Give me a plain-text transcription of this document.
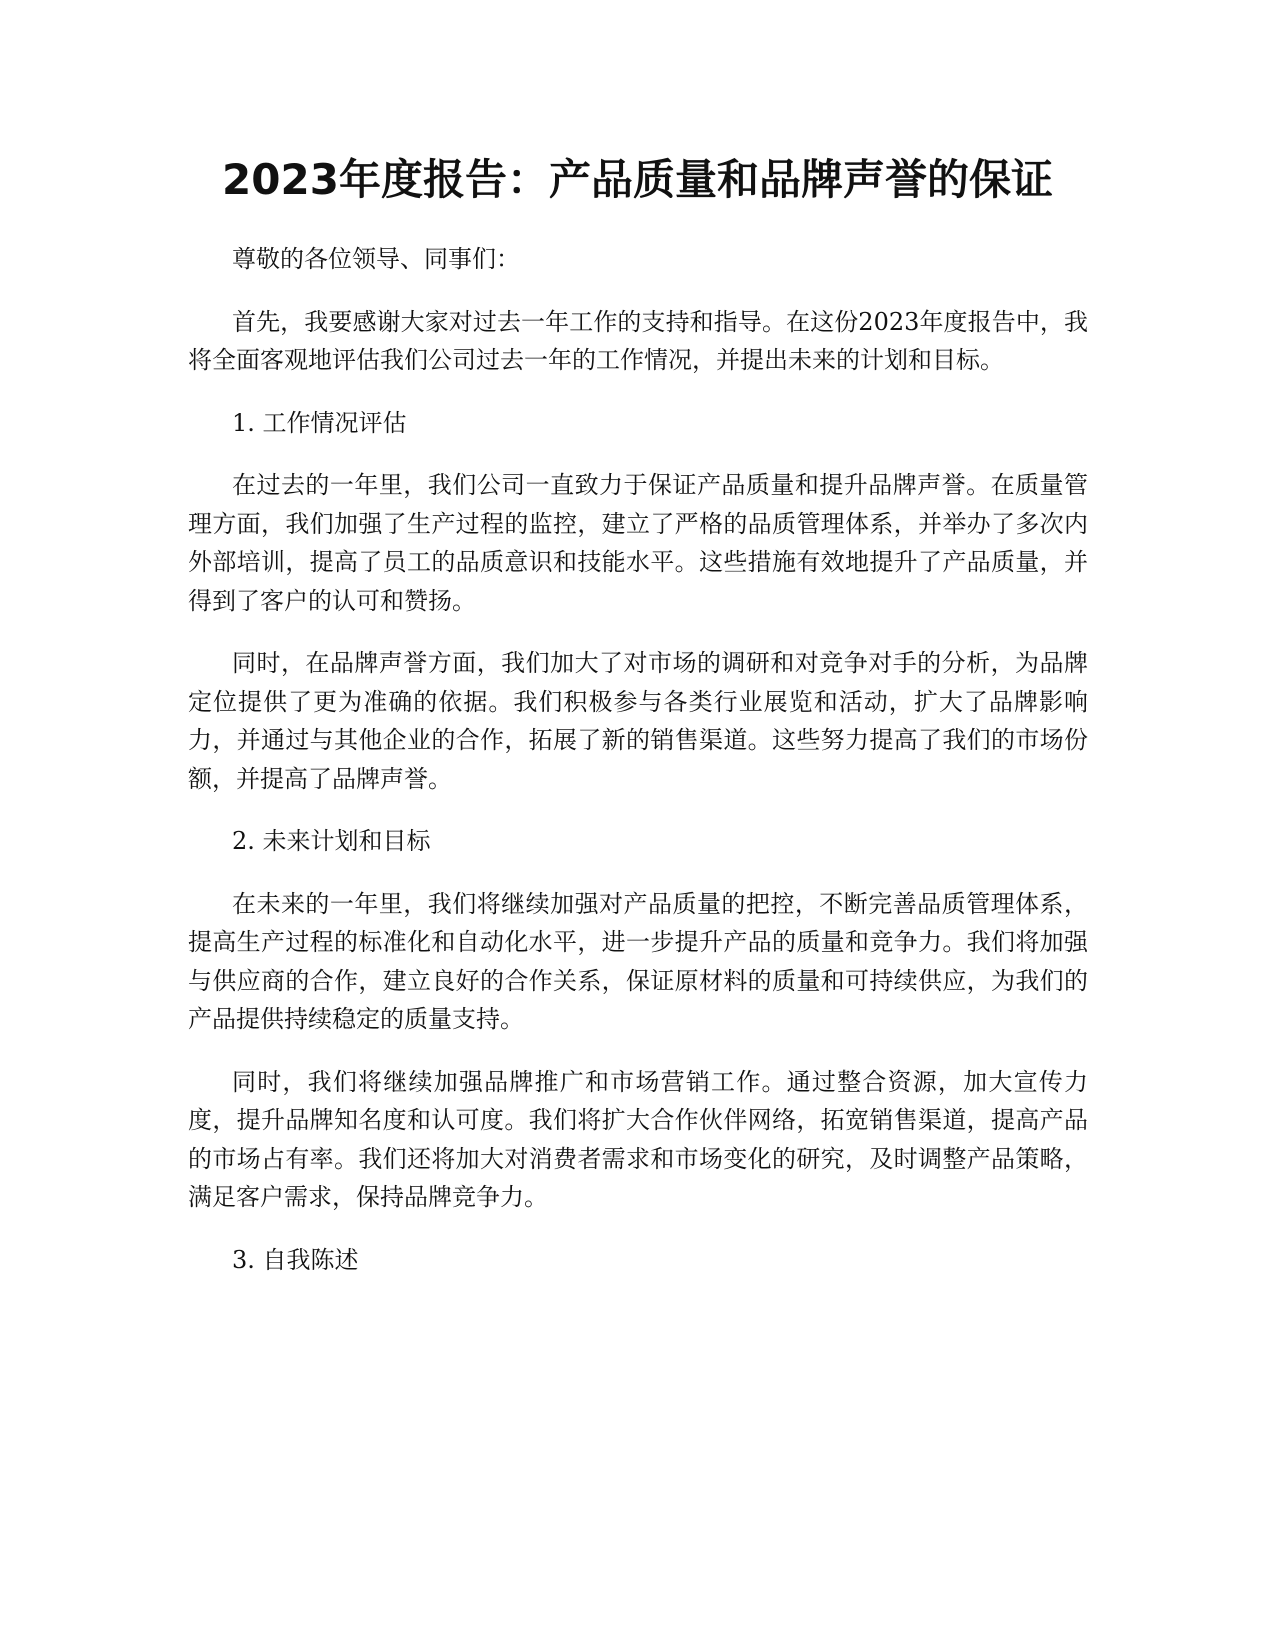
2023年度报告：产品质量和品牌声誉的保证

尊敬的各位领导、同事们：

首先，我要感谢大家对过去一年工作的支持和指导。在这份2023年度报告中，我将全面客观地评估我们公司过去一年的工作情况，并提出未来的计划和目标。

1. 工作情况评估

在过去的一年里，我们公司一直致力于保证产品质量和提升品牌声誉。在质量管理方面，我们加强了生产过程的监控，建立了严格的品质管理体系，并举办了多次内外部培训，提高了员工的品质意识和技能水平。这些措施有效地提升了产品质量，并得到了客户的认可和赞扬。

同时，在品牌声誉方面，我们加大了对市场的调研和对竞争对手的分析，为品牌定位提供了更为准确的依据。我们积极参与各类行业展览和活动，扩大了品牌影响力，并通过与其他企业的合作，拓展了新的销售渠道。这些努力提高了我们的市场份额，并提高了品牌声誉。

2. 未来计划和目标

在未来的一年里，我们将继续加强对产品质量的把控，不断完善品质管理体系，提高生产过程的标准化和自动化水平，进一步提升产品的质量和竞争力。我们将加强与供应商的合作，建立良好的合作关系，保证原材料的质量和可持续供应，为我们的产品提供持续稳定的质量支持。

同时，我们将继续加强品牌推广和市场营销工作。通过整合资源，加大宣传力度，提升品牌知名度和认可度。我们将扩大合作伙伴网络，拓宽销售渠道，提高产品的市场占有率。我们还将加大对消费者需求和市场变化的研究，及时调整产品策略，满足客户需求，保持品牌竞争力。

3. 自我陈述
